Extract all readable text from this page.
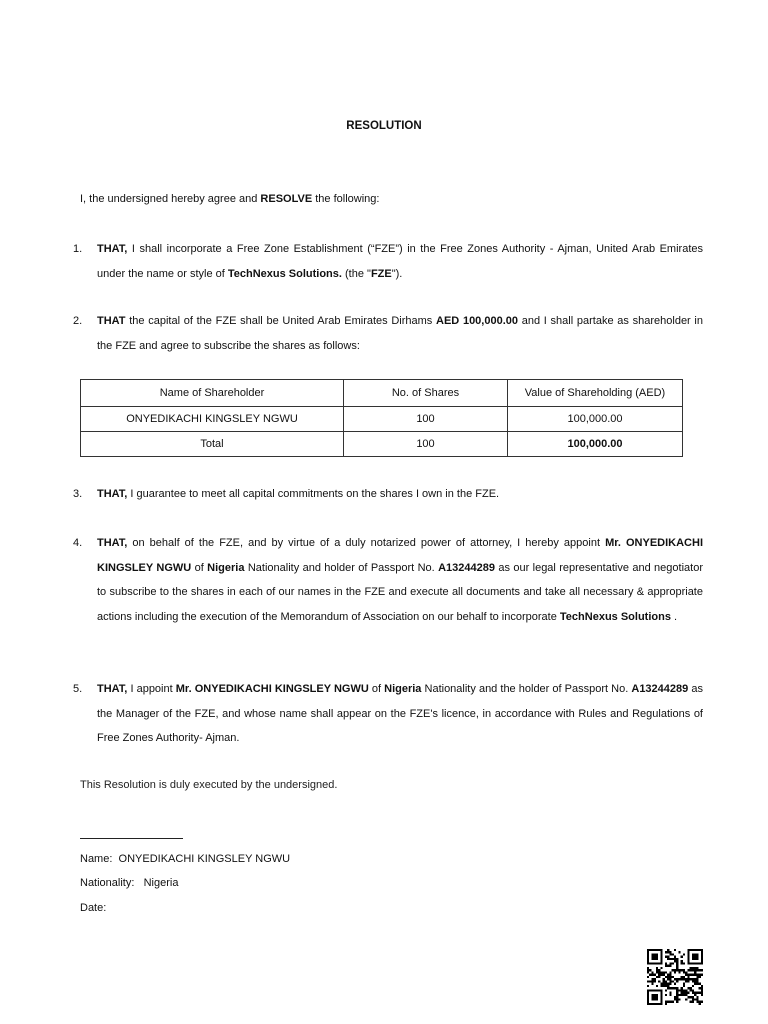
RESOLUTION
I, the undersigned hereby agree and RESOLVE the following:
1. THAT, I shall incorporate a Free Zone Establishment (“FZE”) in the Free Zones Authority - Ajman, United Arab Emirates under the name or style of TechNexus Solutions. (the "FZE").
2. THAT the capital of the FZE shall be United Arab Emirates Dirhams AED 100,000.00 and I shall partake as shareholder in the FZE and agree to subscribe the shares as follows:
Name of Shareholder	No. of Shares	Value of Shareholding (AED)
ONYEDIKACHI KINGSLEY NGWU	100	100,000.00
Total	100	100,000.00
3. THAT, I guarantee to meet all capital commitments on the shares I own in the FZE.
4. THAT, on behalf of the FZE, and by virtue of a duly notarized power of attorney, I hereby appoint Mr. ONYEDIKACHI KINGSLEY NGWU of Nigeria Nationality and holder of Passport No. A13244289 as our legal representative and negotiator to subscribe to the shares in each of our names in the FZE and execute all documents and take all necessary & appropriate actions including the execution of the Memorandum of Association on our behalf to incorporate TechNexus Solutions .
5. THAT, I appoint Mr. ONYEDIKACHI KINGSLEY NGWU of Nigeria Nationality and the holder of Passport No. A13244289 as the Manager of the FZE, and whose name shall appear on the FZE's licence, in accordance with Rules and Regulations of Free Zones Authority- Ajman.
This Resolution is duly executed by the undersigned.
Name: ONYEDIKACHI KINGSLEY NGWU
Nationality: Nigeria
Date:
